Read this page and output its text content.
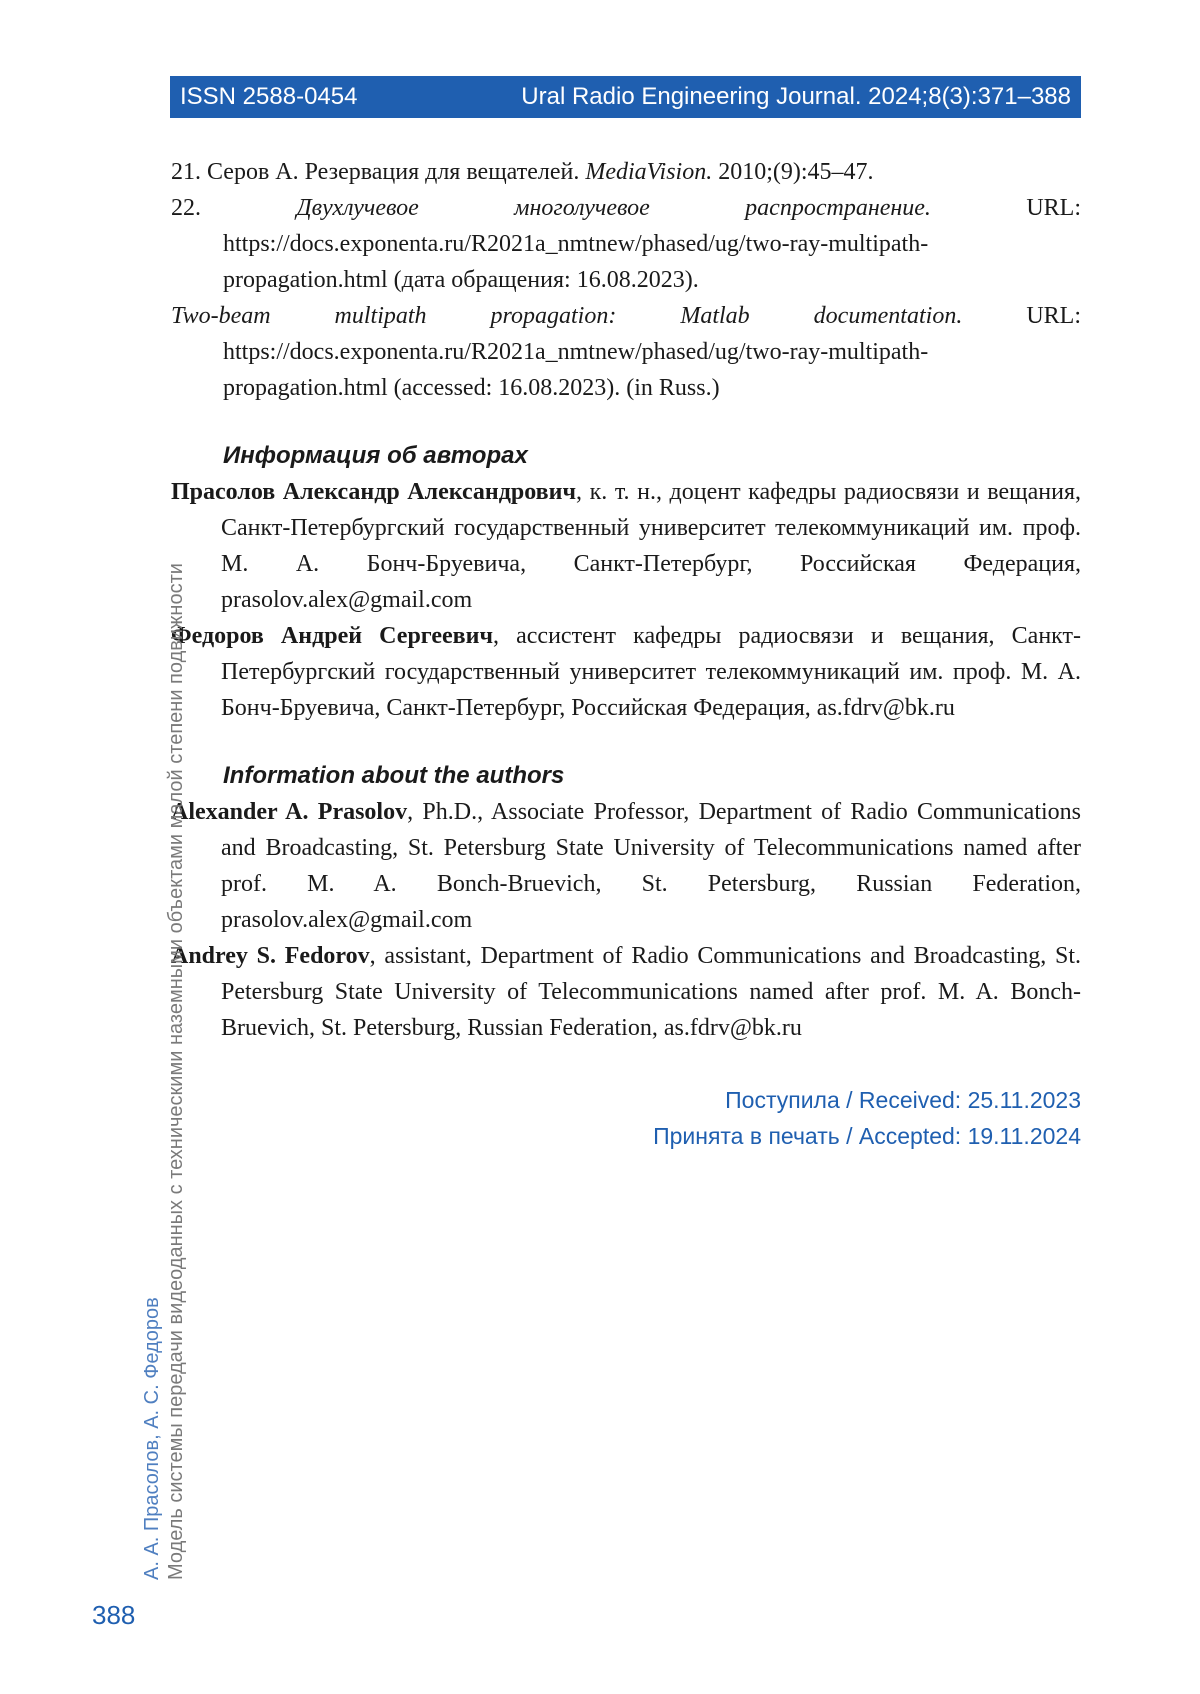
ISSN 2588-0454	Ural Radio Engineering Journal. 2024;8(3):371–388

21. Серов А. Резервация для вещателей. MediaVision. 2010;(9):45–47.

22. Двухлучевое многолучевое распространение. URL: https://docs.exponenta.ru/R2021a_nmtnew/phased/ug/two-ray-multipath-propagation.html (дата обращения: 16.08.2023).

Two-beam multipath propagation: Matlab documentation. URL: https://docs.exponenta.ru/R2021a_nmtnew/phased/ug/two-ray-multipath-propagation.html (accessed: 16.08.2023). (in Russ.)

Информация об авторах

Прасолов Александр Александрович, к. т. н., доцент кафедры радиосвязи и вещания, Санкт-Петербургский государственный университет телекоммуникаций им. проф. М. А. Бонч-Бруевича, Санкт-Петербург, Российская Федерация, prasolov.alex@gmail.com

Федоров Андрей Сергеевич, ассистент кафедры радиосвязи и вещания, Санкт-Петербургский государственный университет телекоммуникаций им. проф. М. А. Бонч-Бруевича, Санкт-Петербург, Российская Федерация, as.fdrv@bk.ru

Information about the authors

Alexander A. Prasolov, Ph.D., Associate Professor, Department of Radio Communications and Broadcasting, St. Petersburg State University of Telecommunications named after prof. M. A. Bonch-Bruevich, St. Petersburg, Russian Federation, prasolov.alex@gmail.com

Andrey S. Fedorov, assistant, Department of Radio Communications and Broadcasting, St. Petersburg State University of Telecommunications named after prof. M. A. Bonch-Bruevich, St. Petersburg, Russian Federation, as.fdrv@bk.ru

Поступила / Received: 25.11.2023
Принята в печать / Accepted: 19.11.2024
А. А. Прасолов, А. С. Федоров Модель системы передачи видеоданных с техническими наземными объектами малой степени подвижности
388
